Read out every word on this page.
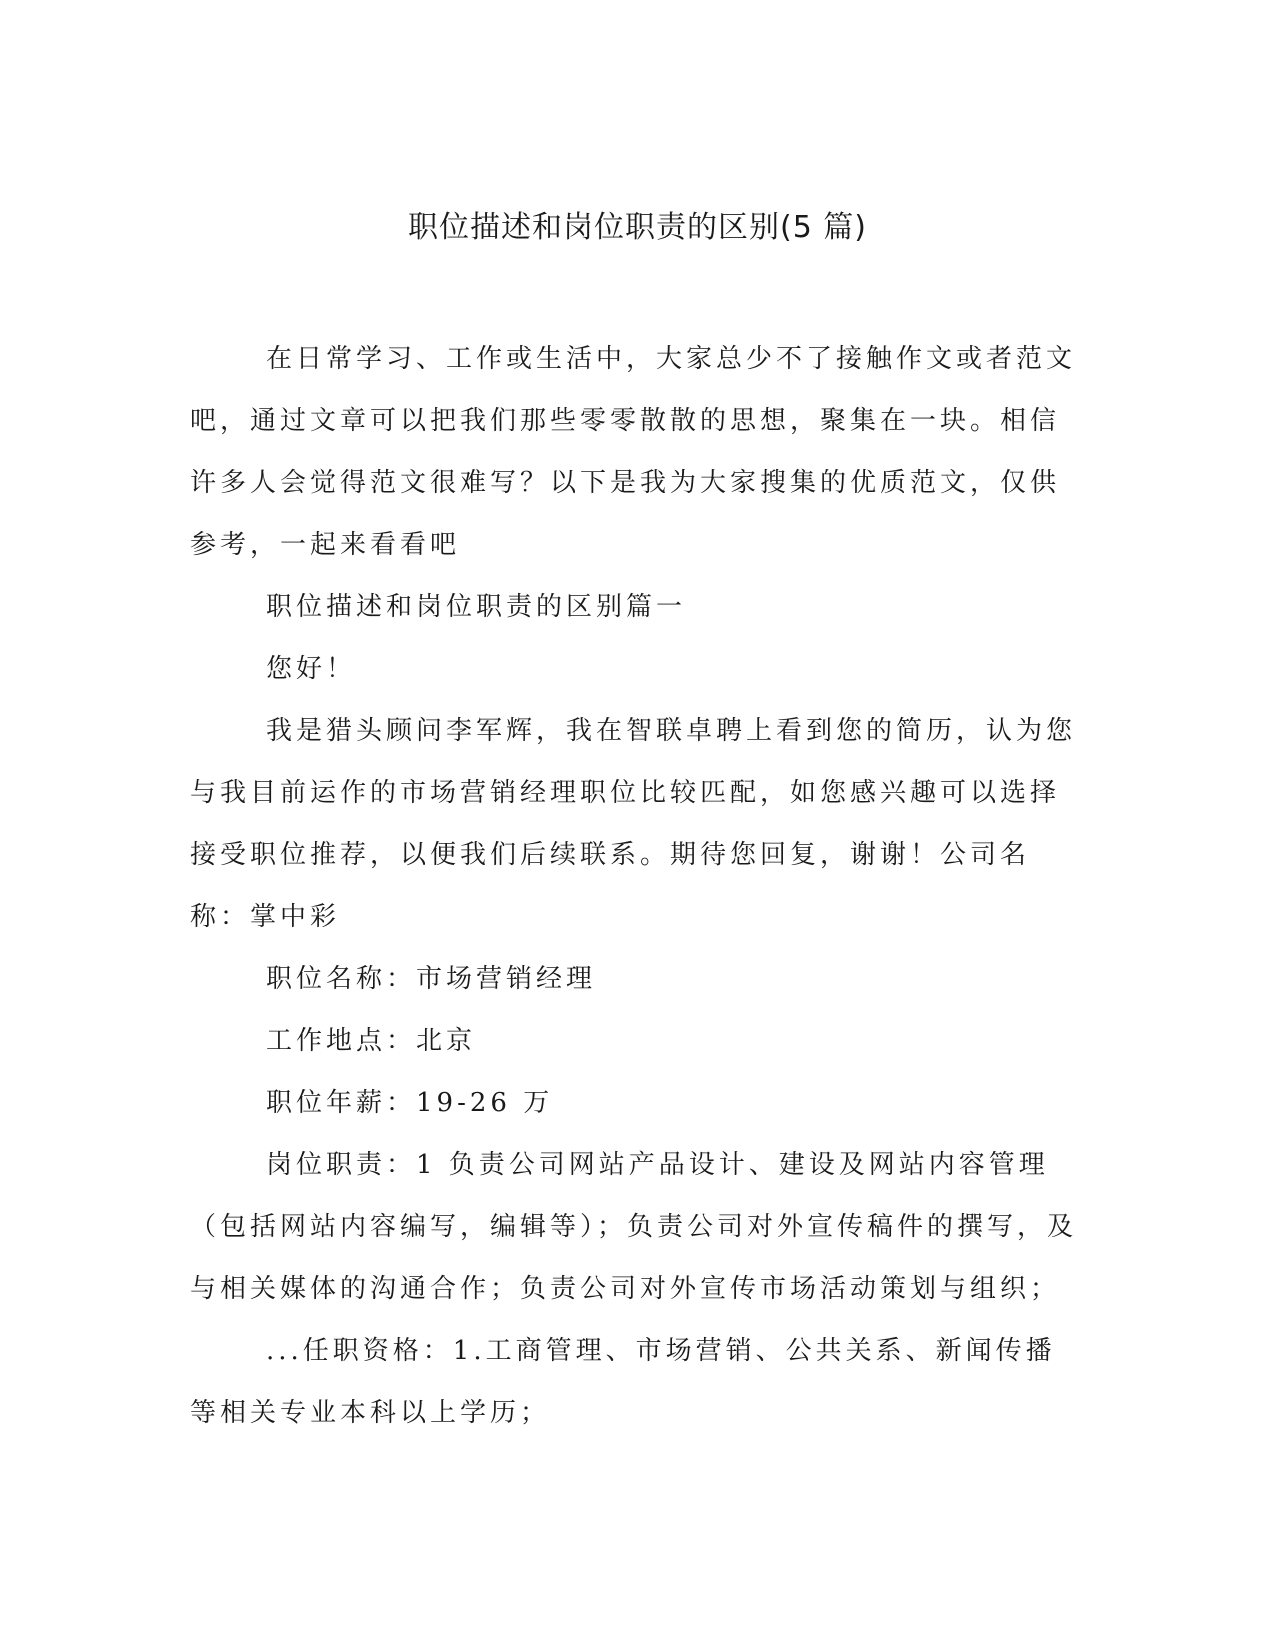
职位描述和岗位职责的区别(5 篇)

在日常学习、工作或生活中，大家总少不了接触作文或者范文吧，通过文章可以把我们那些零零散散的思想，聚集在一块。相信许多人会觉得范文很难写？以下是我为大家搜集的优质范文，仅供参考，一起来看看吧

职位描述和岗位职责的区别篇一

您好！

我是猎头顾问李军辉，我在智联卓聘上看到您的简历，认为您与我目前运作的市场营销经理职位比较匹配，如您感兴趣可以选择接受职位推荐，以便我们后续联系。期待您回复，谢谢！公司名称：掌中彩

职位名称：市场营销经理

工作地点：北京

职位年薪：19-26 万

岗位职责：1 负责公司网站产品设计、建设及网站内容管理（包括网站内容编写，编辑等）；负责公司对外宣传稿件的撰写，及与相关媒体的沟通合作；负责公司对外宣传市场活动策划与组织；

...任职资格：1.工商管理、市场营销、公共关系、新闻传播等相关专业本科以上学历；
